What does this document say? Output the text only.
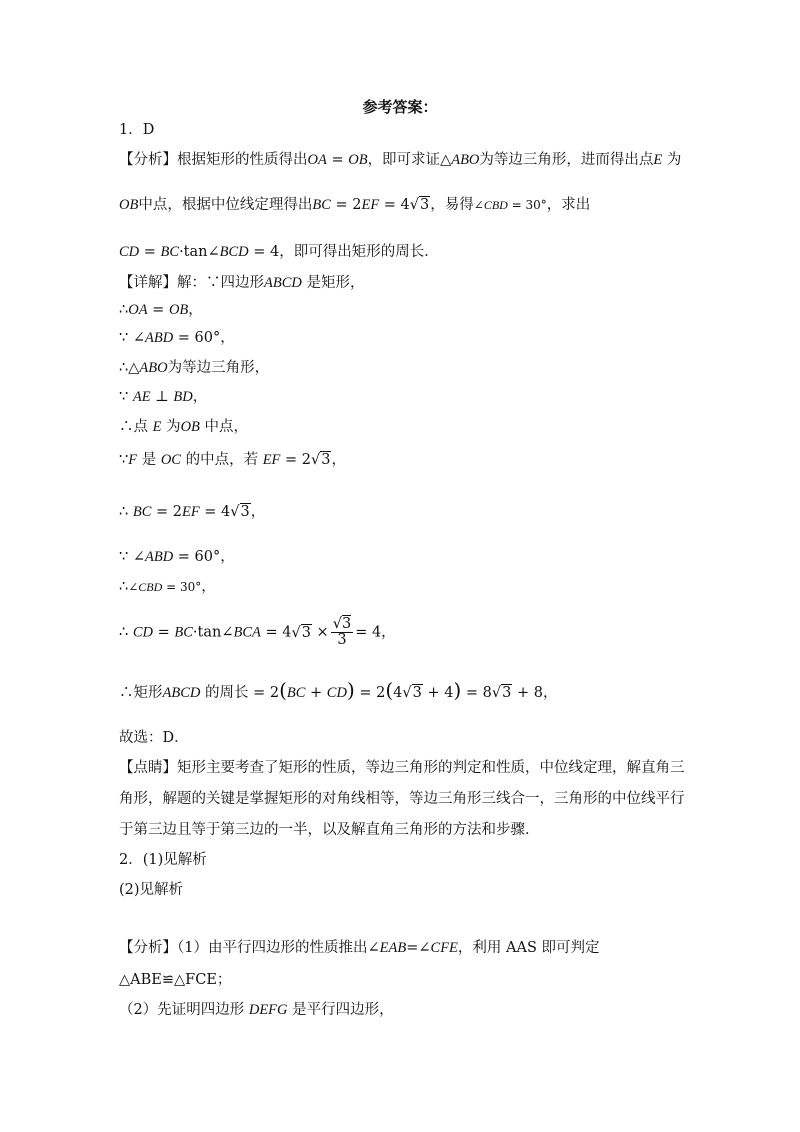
参考答案：
1．D
【分析】根据矩形的性质得出OA = OB，即可求证△ABO为等边三角形，进而得出点E 为
OB中点，根据中位线定理得出BC = 2EF = 4√3，易得∠CBD = 30°，求出
CD = BC·tan∠BCD = 4，即可得出矩形的周长．
【详解】解：∵四边形ABCD 是矩形，
∴OA = OB，
∵ ∠ABD = 60°，
∴△ABO为等边三角形，
∵ AE ⊥ BD，
∴点 E 为OB 中点，
∵F 是 OC 的中点，若 EF = 2√3，
∴ BC = 2EF = 4√3，
∵ ∠ABD = 60°，
∴∠CBD = 30°，
∴ CD = BC·tan∠BCA = $4√3 \times \frac{√3}{3} = 4$，
∴矩形ABCD 的周长 = 2(BC + CD) = 2(4√3 + 4) = 8√3 + 8，
故选：D．
【点睛】矩形主要考查了矩形的性质，等边三角形的判定和性质，中位线定理，解直角三
角形，解题的关键是掌握矩形的对角线相等，等边三角形三线合一，三角形的中位线平行
于第三边且等于第三边的一半，以及解直角三角形的方法和步骤．
2．(1)见解析
(2)见解析
【分析】（1）由平行四边形的性质推出∠EAB=∠CFE，利用 AAS 即可判定
△ABE≌△FCE；
（2）先证明四边形 DEFG 是平行四边形，
